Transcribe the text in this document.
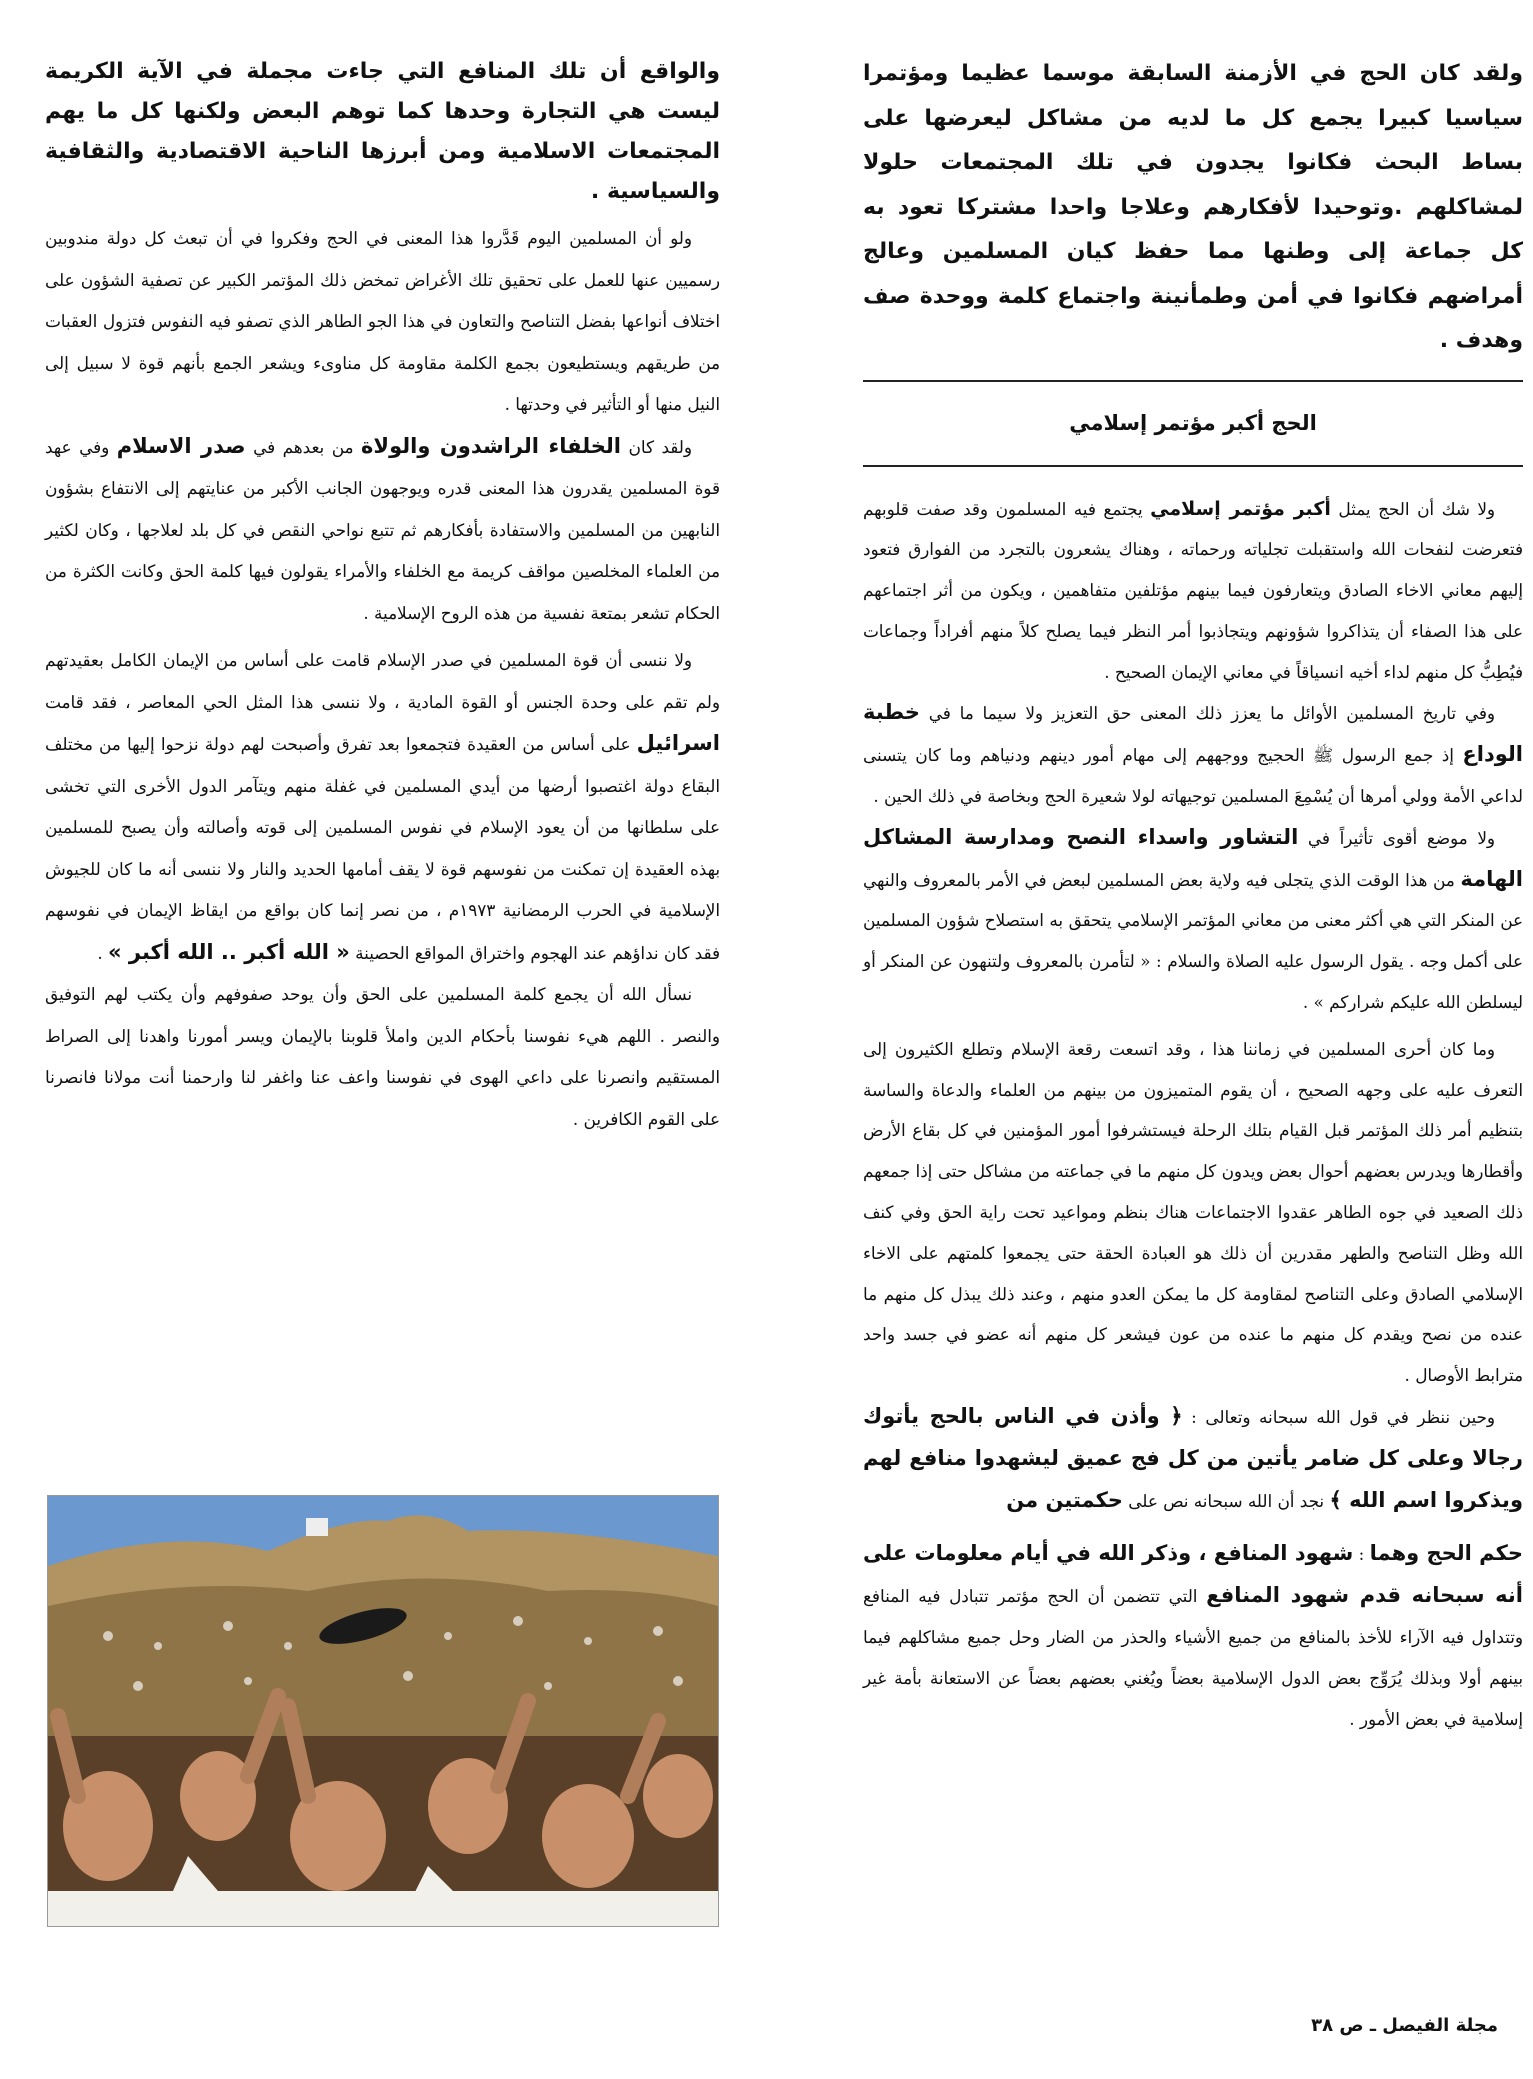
ولقد كان الحج في الأزمنة السابقة موسما عظيما ومؤتمرا سياسيا كبيرا يجمع كل ما لديه من مشاكل ليعرضها على بساط البحث فكانوا يجدون في تلك المجتمعات حلولا لمشاكلهم .وتوحيدا لأفكارهم وعلاجا واحدا مشتركا تعود به كل جماعة إلى وطنها مما حفظ كيان المسلمين وعالج أمراضهم فكانوا في أمن وطمأنينة واجتماع كلمة ووحدة صف وهدف .

الحج أكبر مؤتمر إسلامي

ولا شك أن الحج يمثل أكبر مؤتمر إسلامي يجتمع فيه المسلمون وقد صفت قلوبهم فتعرضت لنفحات الله واستقبلت تجلياته ورحماته ، وهناك يشعرون بالتجرد من الفوارق فتعود إليهم معاني الاخاء الصادق ويتعارفون فيما بينهم مؤتلفين متفاهمين ، ويكون من أثر اجتماعهم على هذا الصفاء أن يتذاكروا شؤونهم ويتجاذبوا أمر النظر فيما يصلح كلاً منهم أفراداً وجماعات فيُطِبُّ كل منهم لداء أخيه انسياقاً في معاني الإيمان الصحيح .

وفي تاريخ المسلمين الأوائل ما يعزز ذلك المعنى حق التعزيز ولا سيما ما في خطبة الوداع إذ جمع الرسول ﷺ الحجيج ووجههم إلى مهام أمور دينهم ودنياهم وما كان يتسنى لداعي الأمة وولي أمرها أن يُسْمِعَ المسلمين توجيهاته لولا شعيرة الحج وبخاصة في ذلك الحين .

ولا موضع أقوى تأثيراً في التشاور واسداء النصح ومدارسة المشاكل الهامة من هذا الوقت الذي يتجلى فيه ولاية بعض المسلمين لبعض في الأمر بالمعروف والنهي عن المنكر التي هي أكثر معنى من معاني المؤتمر الإسلامي يتحقق به استصلاح شؤون المسلمين على أكمل وجه . يقول الرسول عليه الصلاة والسلام : « لتأمرن بالمعروف ولتنهون عن المنكر أو ليسلطن الله عليكم شراركم » .

وما كان أحرى المسلمين في زماننا هذا ، وقد اتسعت رقعة الإسلام وتطلع الكثيرون إلى التعرف عليه على وجهه الصحيح ، أن يقوم المتميزون من بينهم من العلماء والدعاة والساسة بتنظيم أمر ذلك المؤتمر قبل القيام بتلك الرحلة فيستشرفوا أمور المؤمنين في كل بقاع الأرض وأقطارها ويدرس بعضهم أحوال بعض ويدون كل منهم ما في جماعته من مشاكل حتى إذا جمعهم ذلك الصعيد في جوه الطاهر عقدوا الاجتماعات هناك بنظم ومواعيد تحت راية الحق وفي كنف الله وظل التناصح والطهر مقدرين أن ذلك هو العبادة الحقة حتى يجمعوا كلمتهم على الاخاء الإسلامي الصادق وعلى التناصح لمقاومة كل ما يمكن العدو منهم ، وعند ذلك يبذل كل منهم ما عنده من نصح ويقدم كل منهم ما عنده من عون فيشعر كل منهم أنه عضو في جسد واحد مترابط الأوصال .

وحين ننظر في قول الله سبحانه وتعالى : ﴿ وأذن في الناس بالحج يأتوك رجالا وعلى كل ضامر يأتين من كل فج عميق ليشهدوا منافع لهم ويذكروا اسم الله ﴾ نجد أن الله سبحانه نص على حكمتين من

حكم الحج وهما : شهود المنافع ، وذكر الله في أيام معلومات على أنه سبحانه قدم شهود المنافع التي تتضمن أن الحج مؤتمر تتبادل فيه المنافع وتتداول فيه الآراء للأخذ بالمنافع من جميع الأشياء والحذر من الضار وحل جميع مشاكلهم فيما بينهم أولا وبذلك يُرَوِّج بعض الدول الإسلامية بعضاً ويُغني بعضهم بعضاً عن الاستعانة بأمة غير إسلامية في بعض الأمور .

والواقع أن تلك المنافع التي جاءت مجملة في الآية الكريمة ليست هي التجارة وحدها كما توهم البعض ولكنها كل ما يهم المجتمعات الاسلامية ومن أبرزها الناحية الاقتصادية والثقافية والسياسية .

ولو أن المسلمين اليوم قَدَّروا هذا المعنى في الحج وفكروا في أن تبعث كل دولة مندوبين رسميين عنها للعمل على تحقيق تلك الأغراض تمخض ذلك المؤتمر الكبير عن تصفية الشؤون على اختلاف أنواعها بفضل التناصح والتعاون في هذا الجو الطاهر الذي تصفو فيه النفوس فتزول العقبات من طريقهم ويستطيعون بجمع الكلمة مقاومة كل مناوىء ويشعر الجمع بأنهم قوة لا سبيل إلى النيل منها أو التأثير في وحدتها .

ولقد كان الخلفاء الراشدون والولاة من بعدهم في صدر الاسلام وفي عهد قوة المسلمين يقدرون هذا المعنى قدره ويوجهون الجانب الأكبر من عنايتهم إلى الانتفاع بشؤون النابهين من المسلمين والاستفادة بأفكارهم ثم تتبع نواحي النقص في كل بلد لعلاجها ، وكان لكثير من العلماء المخلصين مواقف كريمة مع الخلفاء والأمراء يقولون فيها كلمة الحق وكانت الكثرة من الحكام تشعر بمتعة نفسية من هذه الروح الإسلامية .

ولا ننسى أن قوة المسلمين في صدر الإسلام قامت على أساس من الإيمان الكامل بعقيدتهم ولم تقم على وحدة الجنس أو القوة المادية ، ولا ننسى هذا المثل الحي المعاصر ، فقد قامت اسرائيل على أساس من العقيدة فتجمعوا بعد تفرق وأصبحت لهم دولة نزحوا إليها من مختلف البقاع دولة اغتصبوا أرضها من أيدي المسلمين في غفلة منهم ويتآمر الدول الأخرى التي تخشى على سلطانها من أن يعود الإسلام في نفوس المسلمين إلى قوته وأصالته وأن يصبح للمسلمين بهذه العقيدة إن تمكنت من نفوسهم قوة لا يقف أمامها الحديد والنار ولا ننسى أنه ما كان للجيوش الإسلامية في الحرب الرمضانية ١٩٧٣م ، من نصر إنما كان بواقع من ايقاظ الإيمان في نفوسهم فقد كان نداؤهم عند الهجوم واختراق المواقع الحصينة « الله أكبر .. الله أكبر » .

نسأل الله أن يجمع كلمة المسلمين على الحق وأن يوحد صفوفهم وأن يكتب لهم التوفيق والنصر . اللهم هيء نفوسنا بأحكام الدين واملأ قلوبنا بالإيمان ويسر أمورنا واهدنا إلى الصراط المستقيم وانصرنا على داعي الهوى في نفوسنا واعف عنا واغفر لنا وارحمنا أنت مولانا فانصرنا على القوم الكافرين .

مجلة الفيصل ـ ص ٣٨
